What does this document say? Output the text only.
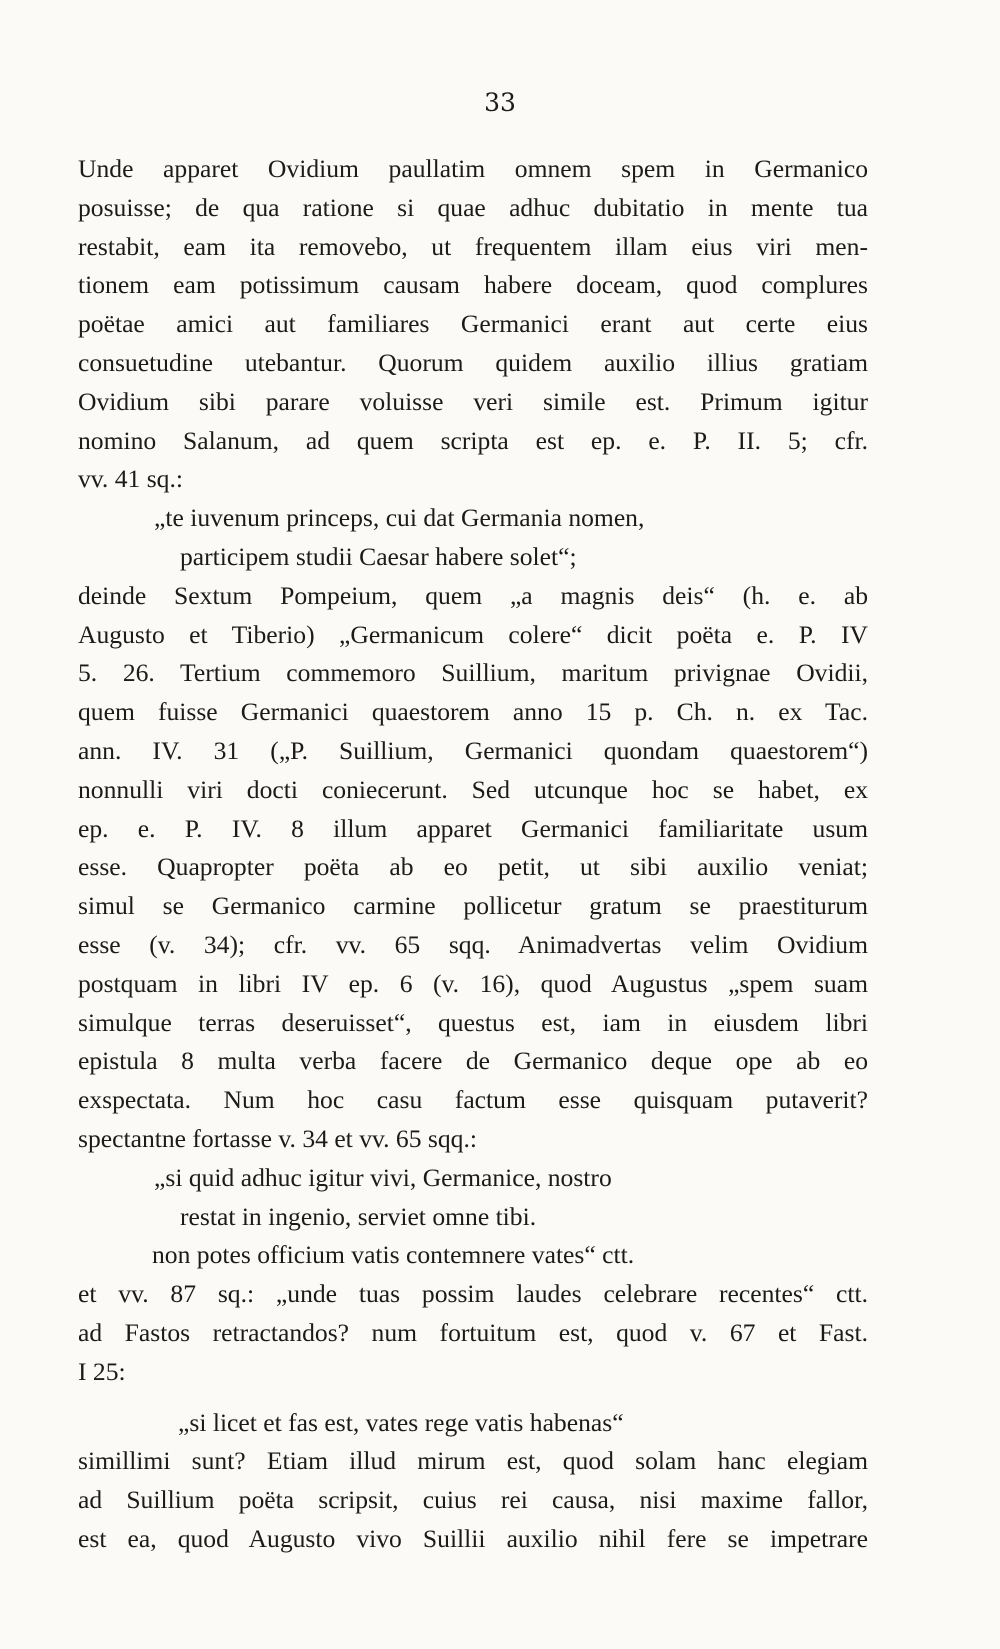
33
Unde apparet Ovidium paullatim omnem spem in Germanico
posuisse; de qua ratione si quae adhuc dubitatio in mente tua
restabit, eam ita removebo, ut frequentem illam eius viri men-
tionem eam potissimum causam habere doceam, quod complures
poëtae amici aut familiares Germanici erant aut certe eius
consuetudine utebantur. Quorum quidem auxilio illius gratiam
Ovidium sibi parare voluisse veri simile est. Primum igitur
nomino Salanum, ad quem scripta est ep. e. P. II. 5; cfr.
vv. 41 sq.:
„te iuvenum princeps, cui dat Germania nomen,
participem studii Caesar habere solet“;
deinde Sextum Pompeium, quem „a magnis deis“ (h. e. ab
Augusto et Tiberio) „Germanicum colere“ dicit poëta e. P. IV
5. 26. Tertium commemoro Suillium, maritum privignae Ovidii,
quem fuisse Germanici quaestorem anno 15 p. Ch. n. ex Tac.
ann. IV. 31 („P. Suillium, Germanici quondam quaestorem“)
nonnulli viri docti coniecerunt. Sed utcunque hoc se habet, ex
ep. e. P. IV. 8 illum apparet Germanici familiaritate usum
esse. Quapropter poëta ab eo petit, ut sibi auxilio veniat;
simul se Germanico carmine pollicetur gratum se praestiturum
esse (v. 34); cfr. vv. 65 sqq. Animadvertas velim Ovidium
postquam in libri IV ep. 6 (v. 16), quod Augustus „spem suam
simulque terras deseruisset“, questus est, iam in eiusdem libri
epistula 8 multa verba facere de Germanico deque ope ab eo
exspectata. Num hoc casu factum esse quisquam putaverit?
spectantne fortasse v. 34 et vv. 65 sqq.:
„si quid adhuc igitur vivi, Germanice, nostro
restat in ingenio, serviet omne tibi.
non potes officium vatis contemnere vates“ ctt.
et vv. 87 sq.: „unde tuas possim laudes celebrare recentes“ ctt.
ad Fastos retractandos? num fortuitum est, quod v. 67 et Fast.
I 25:
„si licet et fas est, vates rege vatis habenas“
simillimi sunt? Etiam illud mirum est, quod solam hanc elegiam
ad Suillium poëta scripsit, cuius rei causa, nisi maxime fallor,
est ea, quod Augusto vivo Suillii auxilio nihil fere se impetrare
